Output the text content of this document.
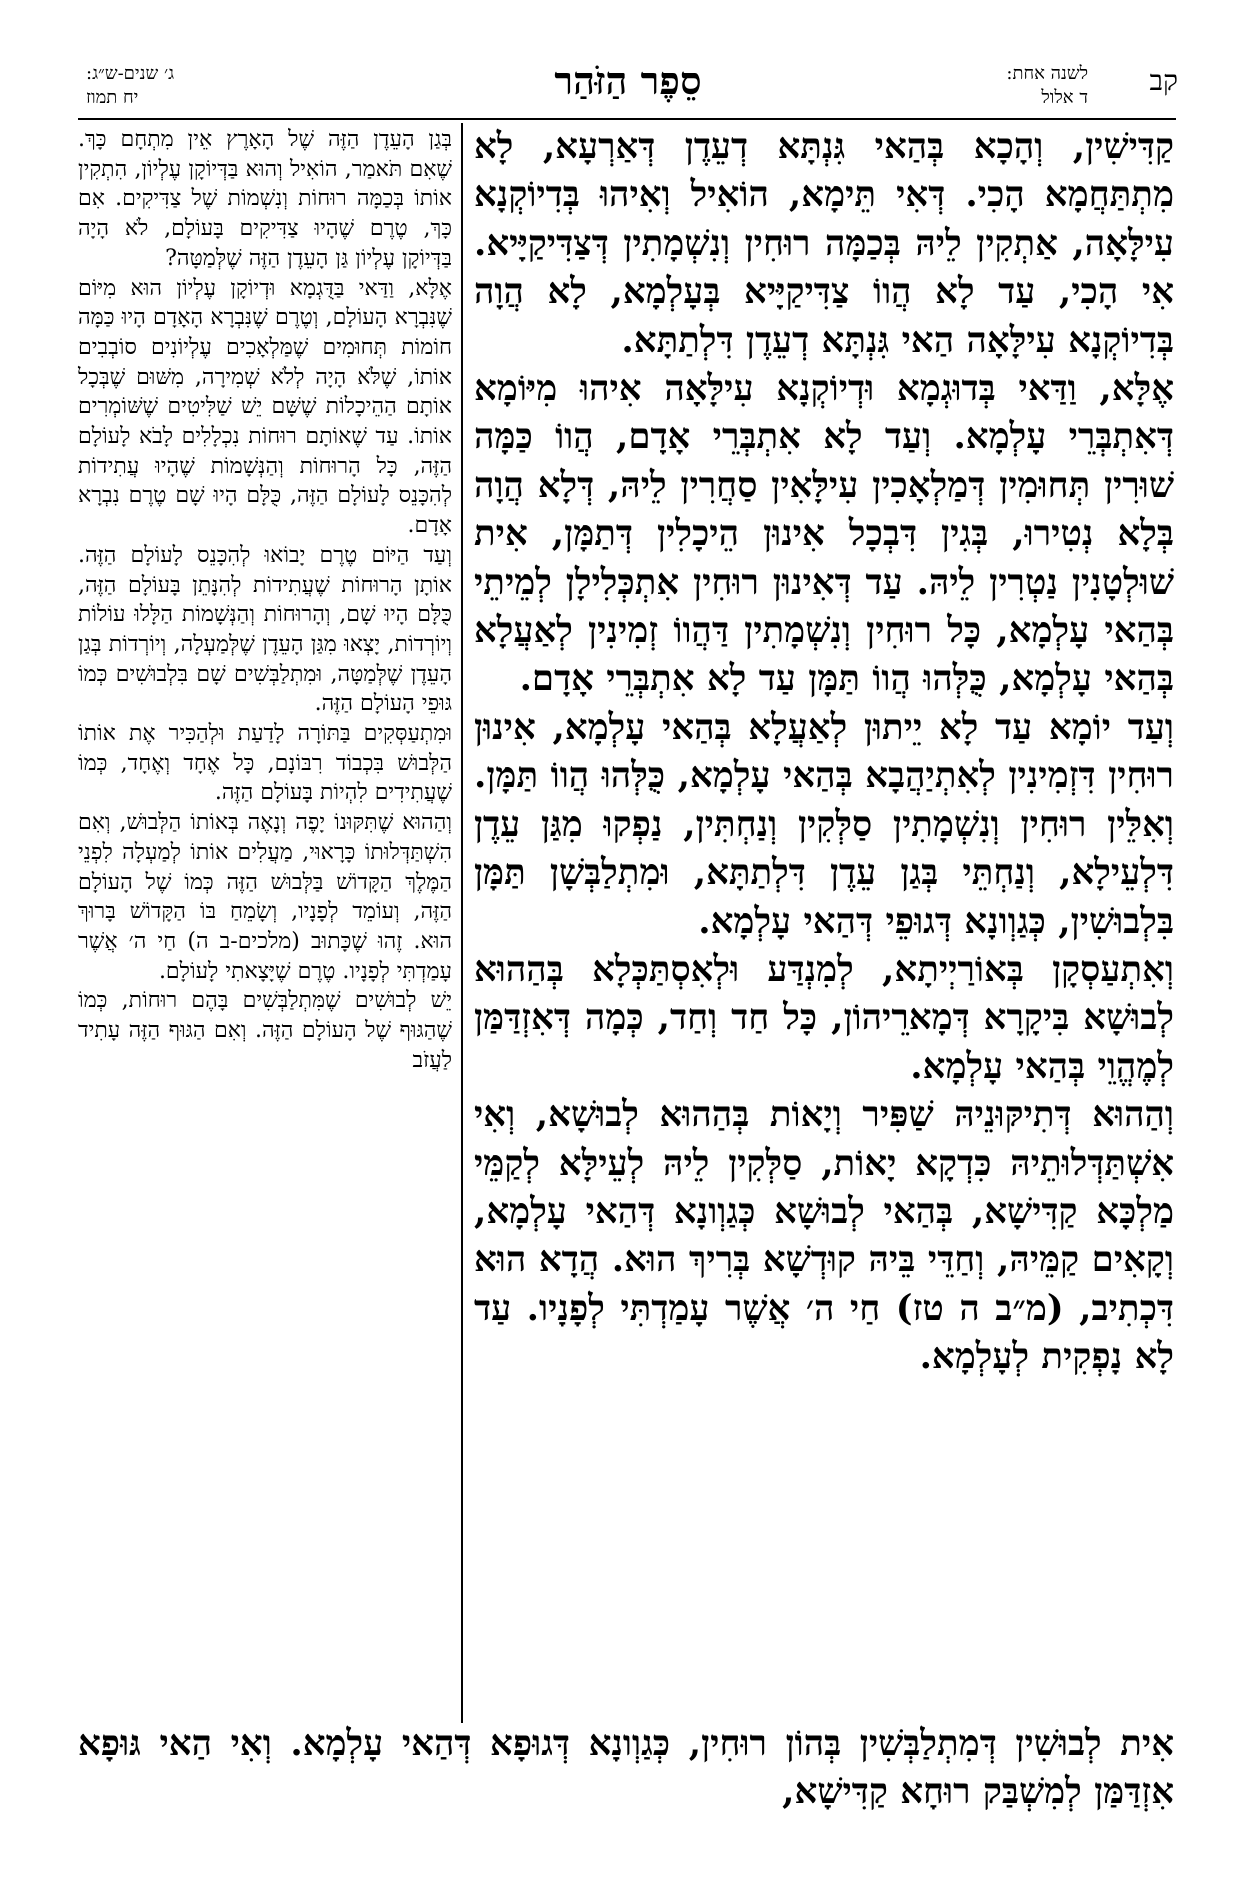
קב
לשנה אחת:
ד אלול
סֵפֶר הַזֹּהַר
ג׳ שנים-ש״ג:
יח תמוז

קַדִּישִׁין, וְהָכָא בְּהַאי גִּנְתָּא דְעֵדֶן דְּאַרְעָא, לָא מִתְתַּחֲמָא הָכִי. דְּאִי תֵּימָא, הוֹאִיל וְאִיהוּ בְּדִיוֹקְנָא עִילָּאָה, אַתְקִין לֵיהּ בְּכַמָּה רוּחִין וְנִשְׁמָתִין דְּצַדִּיקַיָּיא. אִי הָכִי, עַד לָא הֲווֹ צַדִּיקַיָּיא בְּעָלְמָא, לָא הֲוָה בְּדִיוֹקְנָא עִילָּאָה הַאי גִּנְתָּא דְעֵדֶן דִּלְתַתָּא.

אֶלָּא, וַדַּאי בְּדוּגְמָא וּדְיוֹקְנָא עִילָּאָה אִיהוּ מִיּוֹמָא דְּאִתְבְּרֵי עָלְמָא. וְעַד לָא אִתְבְּרֵי אָדָם, הֲווֹ כַּמָּה שׁוּרִין תְּחוּמִין דְּמַלְאָכִין עִילָּאִין סַחֲרִין לֵיהּ, דְּלָא הֲוָה בְּלָא נְטִירוּ, בְּגִין דִּבְכָל אִינוּן הֵיכָלִין דְּתַמָּן, אִית שׁוּלְטָנִין נַטְרִין לֵיהּ. עַד דְּאִינוּן רוּחִין אִתְכְּלִילָן לְמֵיתֵי בְּהַאי עָלְמָא, כָּל רוּחִין וְנִשְׁמָתִין דַּהֲווֹ זְמִינִין לְאַעֲלָא בְּהַאי עָלְמָא, כֻּלְּהוּ הֲווֹ תַּמָּן עַד לָא אִתְבְּרֵי אָדָם.

וְעַד יוֹמָא עַד לָא יֵיתוּן לְאַעֲלָא בְּהַאי עָלְמָא, אִינוּן רוּחִין דִּזְמִינִין לְאִתְיַהֲבָא בְּהַאי עָלְמָא, כֻּלְּהוּ הֲווֹ תַּמָּן. וְאִלֵּין רוּחִין וְנִשְׁמָתִין סַלְּקִין וְנַחְתִּין, נַפְקוּ מִגַּן עֵדֶן דִּלְעֵילָא, וְנַחְתֵּי בְּגַן עֵדֶן דִּלְתַתָּא, וּמִתְלַבְּשָׁן תַּמָּן בִּלְבוּשִׁין, כְּגַוְונָא דְּגוּפֵי דְּהַאי עָלְמָא.

וְאִתְעַסְקָן בְּאוֹרַיְיתָא, לְמִנְדַּע וּלְאִסְתַּכְּלָא בְּהַהוּא לְבוּשָׁא בִּיקָרָא דְּמָארֵיהוֹן, כָּל חַד וְחַד, כְּמָה דְּאִזְדַּמַּן לְמֶהֱוֵי בְּהַאי עָלְמָא.

וְהַהוּא דְּתִיקּוּנֵיהּ שַׁפִּיר וְיָאוֹת בְּהַהוּא לְבוּשָׁא, וְאִי אִשְׁתַּדְּלוּתֵיהּ כִּדְקָא יָאוֹת, סַלְּקִין לֵיהּ לְעֵילָּא לְקַמֵּי מַלְכָּא קַדִּישָׁא, בְּהַאי לְבוּשָׁא כְּגַוְונָא דְּהַאי עָלְמָא, וְקָאִים קַמֵּיהּ, וְחַדֵּי בֵּיהּ קוּדְשָׁא בְּרִיךְ הוּא. הֲדָא הוּא דִּכְתִיב, (מ״ב ה טז) חַי ה׳ אֲשֶׁר עָמַדְתִּי לְפָנָיו. עַד לָא נָפְקִית לְעָלְמָא.

בְּגַן הָעֵדֶן הַזֶּה שֶׁל הָאָרֶץ אֵין מִתְחָם כָּךְ. שֶׁאִם תֹּאמַר, הוֹאִיל וְהוּא בַּדְּיוֹקָן עֶלְיוֹן, הִתְקִין אוֹתוֹ בְּכַמָּה רוּחוֹת וְנִשְׁמוֹת שֶׁל צַדִּיקִים. אִם כָּךְ, טֶרֶם שֶׁהָיוּ צַדִּיקִים בָּעוֹלָם, לֹא הָיָה בַּדְּיוֹקָן עֶלְיוֹן גַּן הָעֵדֶן הַזֶּה שֶׁלְּמַטָּה?

אֶלָּא, וַדַּאי בַּדֻּגְמָא וּדְיוֹקָן עֶלְיוֹן הוּא מִיּוֹם שֶׁנִּבְרָא הָעוֹלָם, וְטֶרֶם שֶׁנִּבְרָא הָאָדָם הָיוּ כַּמָּה חוֹמוֹת תְּחוּמִים שֶׁמַּלְאָכִים עֶלְיוֹנִים סוֹבְבִים אוֹתוֹ, שֶׁלֹּא הָיָה לְלֹא שְׁמִירָה, מִשּׁוּם שֶׁבְּכָל אוֹתָם הַהֵיכָלוֹת שֶׁשָּׁם יֵשׁ שַׁלִּיטִים שֶׁשּׁוֹמְרִים אוֹתוֹ. עַד שֶׁאוֹתָם רוּחוֹת נִכְלָלִים לָבֹא לָעוֹלָם הַזֶּה, כָּל הָרוּחוֹת וְהַנְּשָׁמוֹת שֶׁהָיוּ עֲתִידוֹת לְהִכָּנֵס לָעוֹלָם הַזֶּה, כֻּלָּם הָיוּ שָׁם טֶרֶם נִבְרָא אָדָם.

וְעַד הַיּוֹם טֶרֶם יָבוֹאוּ לְהִכָּנֵס לָעוֹלָם הַזֶּה. אוֹתָן הָרוּחוֹת שֶׁעֲתִידוֹת לְהִנָּתֵן בָּעוֹלָם הַזֶּה, כֻּלָּם הָיוּ שָׁם, וְהָרוּחוֹת וְהַנְּשָׁמוֹת הַלָּלוּ עוֹלוֹת וְיוֹרְדוֹת, יָצְאוּ מִגַּן הָעֵדֶן שֶׁלְּמַעְלָה, וְיוֹרְדוֹת בְּגַן הָעֵדֶן שֶׁלְּמַטָּה, וּמִתְלַבְּשִׁים שָׁם בִּלְבוּשִׁים כְּמוֹ גּוּפֵי הָעוֹלָם הַזֶּה.

וּמִתְעַסְּקִים בַּתּוֹרָה לָדַעַת וּלְהַכִּיר אֶת אוֹתוֹ הַלְּבוּשׁ בִּכְבוֹד רִבּוֹנָם, כָּל אֶחָד וְאֶחָד, כְּמוֹ שֶׁעֲתִידִים לִהְיוֹת בָּעוֹלָם הַזֶּה.

וְהַהוּא שֶׁתִּקּוּנוֹ יָפֶה וְנָאֶה בְּאוֹתוֹ הַלְּבוּשׁ, וְאִם הִשְׁתַּדְּלוּתוֹ כָּרָאוּי, מַעֲלִים אוֹתוֹ לְמַעְלָה לִפְנֵי הַמֶּלֶךְ הַקָּדוֹשׁ בַּלְּבוּשׁ הַזֶּה כְּמוֹ שֶׁל הָעוֹלָם הַזֶּה, וְעוֹמֵד לְפָנָיו, וְשָׂמֵחַ בּוֹ הַקָּדוֹשׁ בָּרוּךְ הוּא. זֶהוּ שֶׁכָּתוּב (מלכים-ב ה) חַי ה׳ אֲשֶׁר עָמַדְתִּי לְפָנָיו. טֶרֶם שֶׁיָּצָאתִי לָעוֹלָם.

יֵשׁ לְבוּשִׁים שֶׁמִּתְלַבְּשִׁים בָּהֶם רוּחוֹת, כְּמוֹ שֶׁהַגּוּף שֶׁל הָעוֹלָם הַזֶּה. וְאִם הַגּוּף הַזֶּה עָתִיד לַעֲזֹב

אִית לְבוּשִׁין דְּמִתְלַבְּשִׁין בְּהוֹן רוּחִין, כְּגַוְונָא דְּגוּפָא דְּהַאי עָלְמָא. וְאִי הַאי גּוּפָא אִזְדַּמַּן לְמִשְׁבַּק רוּחָא קַדִּישָׁא,
